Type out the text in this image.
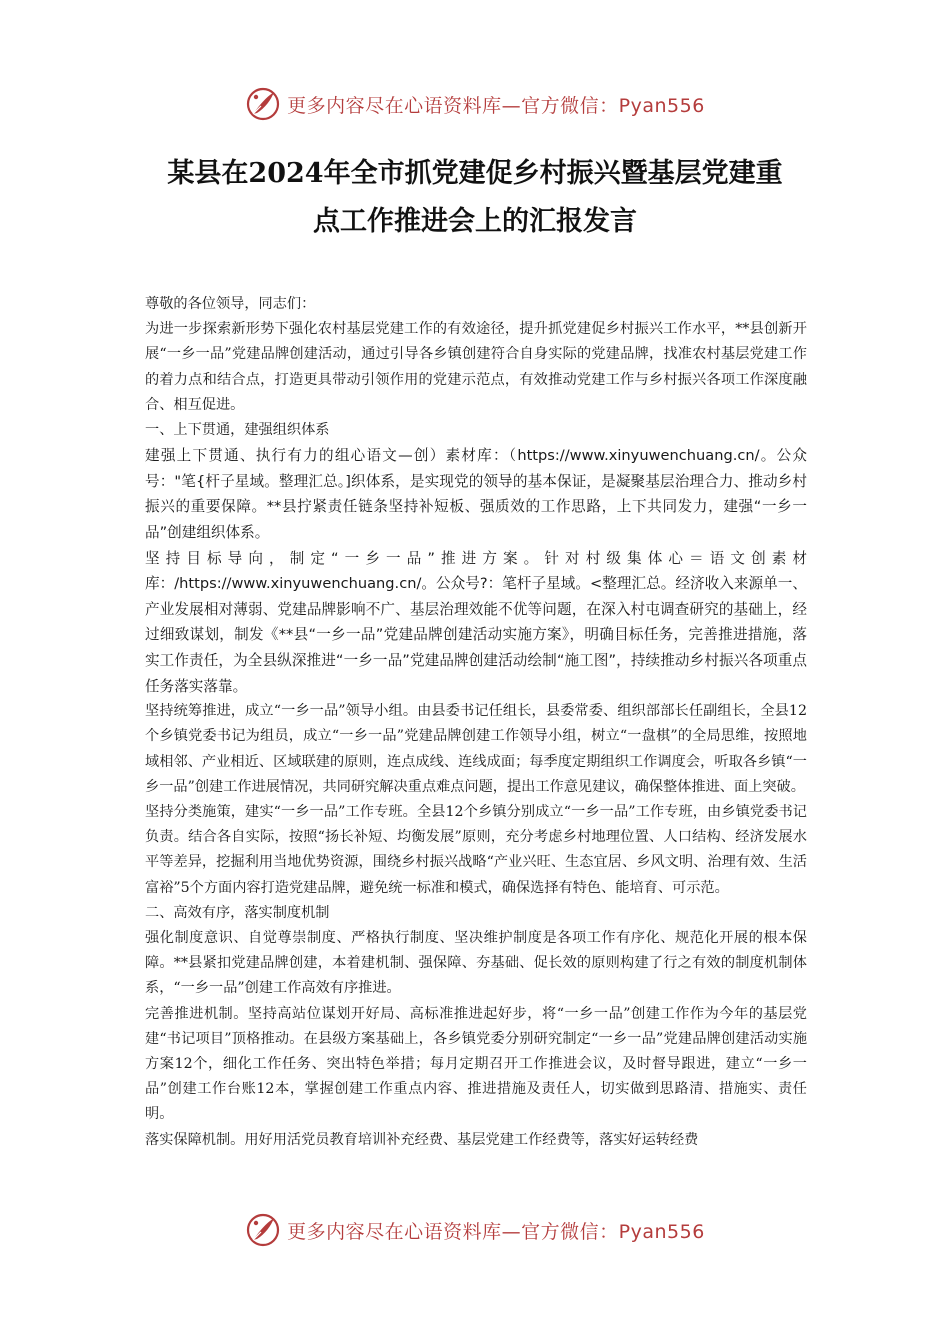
更多内容尽在心语资料库—官方微信：Pyan556
某县在2024年全市抓党建促乡村振兴暨基层党建重
点工作推进会上的汇报发言

尊敬的各位领导，同志们：

为进一步探索新形势下强化农村基层党建工作的有效途径，提升抓党建促乡村振兴工作水平，**县创新开展“一乡一品”党建品牌创建活动，通过引导各乡镇创建符合自身实际的党建品牌，找准农村基层党建工作的着力点和结合点，打造更具带动引领作用的党建示范点，有效推动党建工作与乡村振兴各项工作深度融合、相互促进。

一、上下贯通，建强组织体系

建强上下贯通、执行有力的组心语文—创）素材库：（https://www.xinyuwenchuang.cn/。公众号："笔{杆子星域。整理汇总。]织体系，是实现党的领导的基本保证，是凝聚基层治理合力、推动乡村振兴的重要保障。**县拧紧责任链条坚持补短板、强质效的工作思路，上下共同发力，建强“一乡一品”创建组织体系。

坚持目标导向，制定“一乡一品”推进方案。针对村级集体心＝语文创素材库：/https://www.xinyuwenchuang.cn/。公众号?：笔杆子星域。<整理汇总。经济收入来源单一、产业发展相对薄弱、党建品牌影响不广、基层治理效能不优等问题，在深入村屯调查研究的基础上，经过细致谋划，制发《**县“一乡一品”党建品牌创建活动实施方案》，明确目标任务，完善推进措施，落实工作责任，为全县纵深推进“一乡一品”党建品牌创建活动绘制“施工图”，持续推动乡村振兴各项重点任务落实落靠。

坚持统筹推进，成立“一乡一品”领导小组。由县委书记任组长，县委常委、组织部部长任副组长，全县12个乡镇党委书记为组员，成立“一乡一品”党建品牌创建工作领导小组，树立“一盘棋”的全局思维，按照地域相邻、产业相近、区域联建的原则，连点成线、连线成面；每季度定期组织工作调度会，听取各乡镇“一乡一品”创建工作进展情况，共同研究解决重点难点问题，提出工作意见建议，确保整体推进、面上突破。

坚持分类施策，建实“一乡一品”工作专班。全县12个乡镇分别成立“一乡一品”工作专班，由乡镇党委书记负责。结合各自实际，按照“扬长补短、均衡发展”原则，充分考虑乡村地理位置、人口结构、经济发展水平等差异，挖掘利用当地优势资源，围绕乡村振兴战略“产业兴旺、生态宜居、乡风文明、治理有效、生活富裕”5个方面内容打造党建品牌，避免统一标准和模式，确保选择有特色、能培育、可示范。

二、高效有序，落实制度机制

强化制度意识、自觉尊崇制度、严格执行制度、坚决维护制度是各项工作有序化、规范化开展的根本保障。**县紧扣党建品牌创建，本着建机制、强保障、夯基础、促长效的原则构建了行之有效的制度机制体系，“一乡一品”创建工作高效有序推进。

完善推进机制。坚持高站位谋划开好局、高标准推进起好步，将“一乡一品”创建工作作为今年的基层党建“书记项目”顶格推动。在县级方案基础上，各乡镇党委分别研究制定“一乡一品”党建品牌创建活动实施方案12个，细化工作任务、突出特色举措；每月定期召开工作推进会议，及时督导跟进，建立“一乡一品”创建工作台账12本，掌握创建工作重点内容、推进措施及责任人，切实做到思路清、措施实、责任明。

落实保障机制。用好用活党员教育培训补充经费、基层党建工作经费等，落实好运转经费

更多内容尽在心语资料库—官方微信：Pyan556
